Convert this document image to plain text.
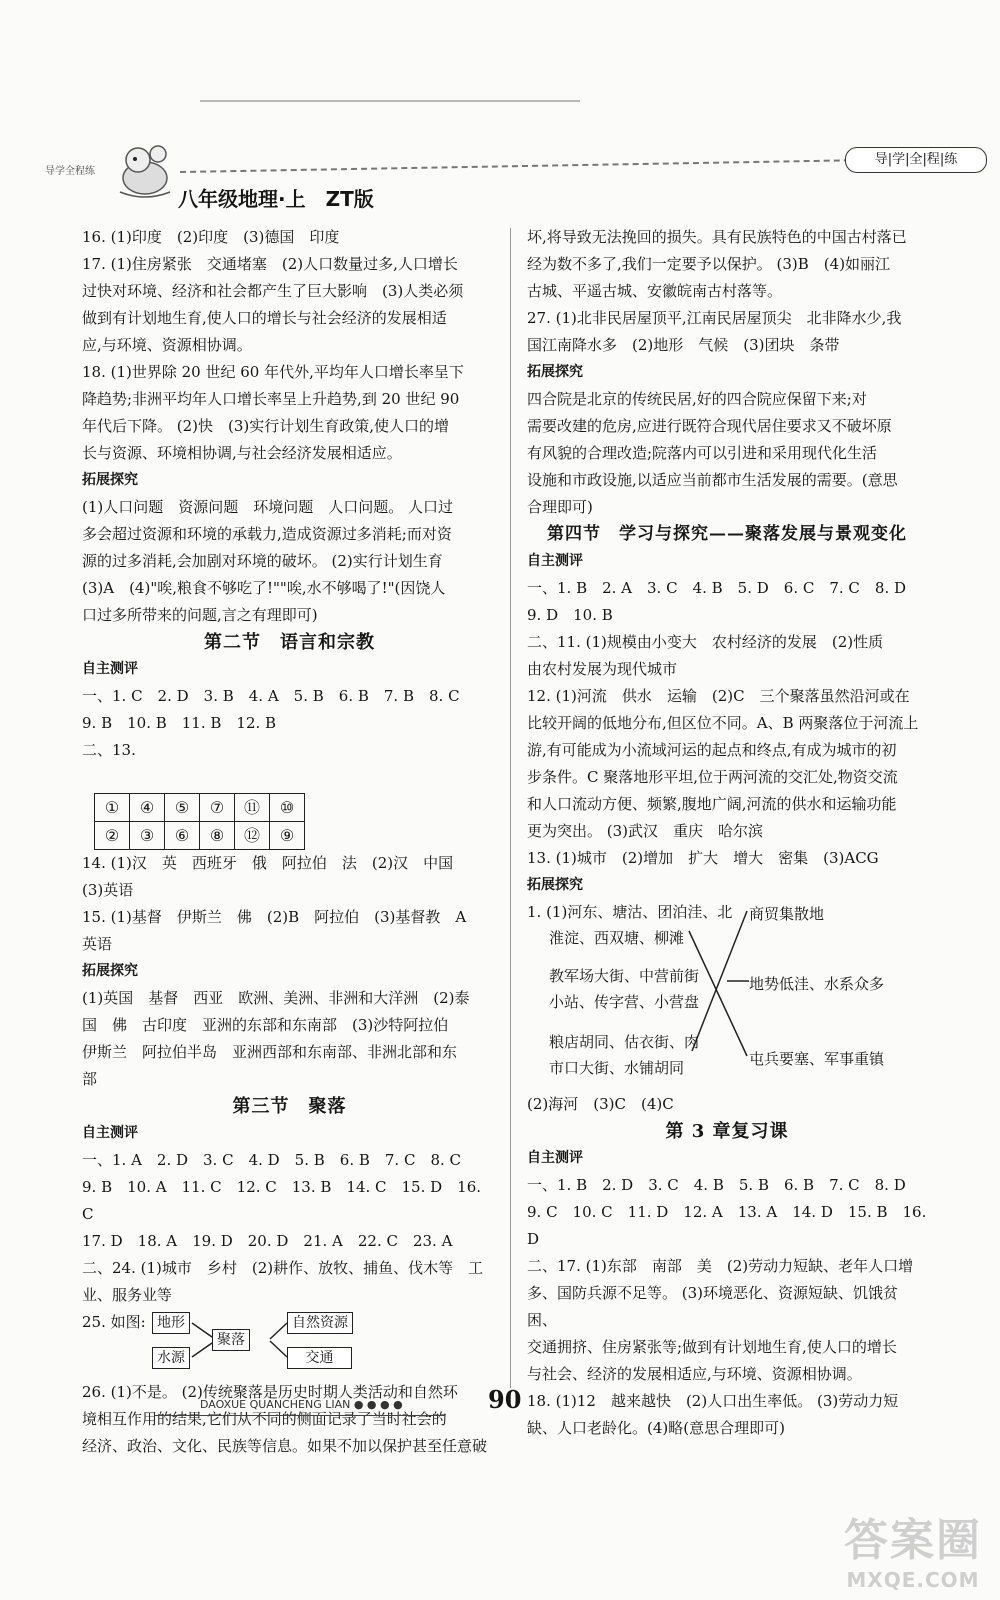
导学全程练
八年级地理·上　ZT版
导|学|全|程|练

16. (1)印度　(2)印度　(3)德国　印度

17. (1)住房紧张　交通堵塞　(2)人口数量过多,人口增长

过快对环境、经济和社会都产生了巨大影响　(3)人类必须

做到有计划地生育,使人口的增长与社会经济的发展相适

应,与环境、资源相协调。

18. (1)世界除 20 世纪 60 年代外,平均年人口增长率呈下

降趋势;非洲平均年人口增长率呈上升趋势,到 20 世纪 90

年代后下降。 (2)快　(3)实行计划生育政策,使人口的增

长与资源、环境相协调,与社会经济发展相适应。

拓展探究

(1)人口问题　资源问题　环境问题　人口问题。 人口过

多会超过资源和环境的承载力,造成资源过多消耗;而对资

源的过多消耗,会加剧对环境的破坏。 (2)实行计划生育

(3)A　(4)"唉,粮食不够吃了!""唉,水不够喝了!"(因饶人

口过多所带来的问题,言之有理即可)

第二节　语言和宗教

自主测评

一、1. C　2. D　3. B　4. A　5. B　6. B　7. B　8. C

9. B　10. B　11. B　12. B

二、13.

①	④	⑤	⑦	⑪	⑩
②	③	⑥	⑧	⑫	⑨

14. (1)汉　英　西班牙　俄　阿拉伯　法　(2)汉　中国

(3)英语

15. (1)基督　伊斯兰　佛　(2)B　阿拉伯　(3)基督教　A

英语

拓展探究

(1)英国　基督　西亚　欧洲、美洲、非洲和大洋洲　(2)泰

国　佛　古印度　亚洲的东部和东南部　(3)沙特阿拉伯

伊斯兰　阿拉伯半岛　亚洲西部和东南部、非洲北部和东

部

第三节　聚落

自主测评

一、1. A　2. D　3. C　4. D　5. B　6. B　7. C　8. C

9. B　10. A　11. C　12. C　13. B　14. C　15. D　16. C

17. D　18. A　19. D　20. D　21. A　22. C　23. A

二、24. (1)城市　乡村　(2)耕作、放牧、捕鱼、伐木等　工

业、服务业等

25. 如图: 地形
水源
聚落
自然资源
交通

26. (1)不是。 (2)传统聚落是历史时期人类活动和自然环

境相互作用的结果,它们从不同的侧面记录了当时社会的

经济、政治、文化、民族等信息。如果不加以保护甚至任意破

坏,将导致无法挽回的损失。具有民族特色的中国古村落已

经为数不多了,我们一定要予以保护。 (3)B　(4)如丽江

古城、平遥古城、安徽皖南古村落等。

27. (1)北非民居屋顶平,江南民居屋顶尖　北非降水少,我

国江南降水多　(2)地形　气候　(3)团块　条带

拓展探究

四合院是北京的传统民居,好的四合院应保留下来;对

需要改建的危房,应进行既符合现代居住要求又不破坏原

有风貌的合理改造;院落内可以引进和采用现代化生活

设施和市政设施,以适应当前都市生活发展的需要。(意思

合理即可)

第四节　学习与探究——聚落发展与景观变化

自主测评

一、1. B　2. A　3. C　4. B　5. D　6. C　7. C　8. D

9. D　10. B

二、11. (1)规模由小变大　农村经济的发展　(2)性质

由农村发展为现代城市

12. (1)河流　供水　运输　(2)C　三个聚落虽然沿河或在

比较开阔的低地分布,但区位不同。A、B 两聚落位于河流上

游,有可能成为小流域河运的起点和终点,有成为城市的初

步条件。C 聚落地形平坦,位于两河流的交汇处,物资交流

和人口流动方便、频繁,腹地广阔,河流的供水和运输功能

更为突出。 (3)武汉　重庆　哈尔滨

13. (1)城市　(2)增加　扩大　增大　密集　(3)ACG

拓展探究

1. (1)河东、塘沽、团泊洼、北
淮淀、西双塘、柳滩
教军场大街、中营前街
小站、传字营、小营盘
粮店胡同、估衣街、肉
市口大街、水铺胡同
商贸集散地
地势低洼、水系众多
屯兵要塞、军事重镇

(2)海河　(3)C　(4)C

第 3 章复习课

自主测评

一、1. B　2. D　3. C　4. B　5. B　6. B　7. C　8. D

9. C　10. C　11. D　12. A　13. A　14. D　15. B　16. D

二、17. (1)东部　南部　美　(2)劳动力短缺、老年人口增

多、国防兵源不足等。 (3)环境恶化、资源短缺、饥饿贫困、

交通拥挤、住房紧张等;做到有计划地生育,使人口的增长

与社会、经济的发展相适应,与环境、资源相协调。

18. (1)12　越来越快　(2)人口出生率低。 (3)劳动力短

缺、人口老龄化。(4)略(意思合理即可)

DAOXUE QUANCHENG LIAN ● ● ● ●	90
答案圈
MXQE.COM
